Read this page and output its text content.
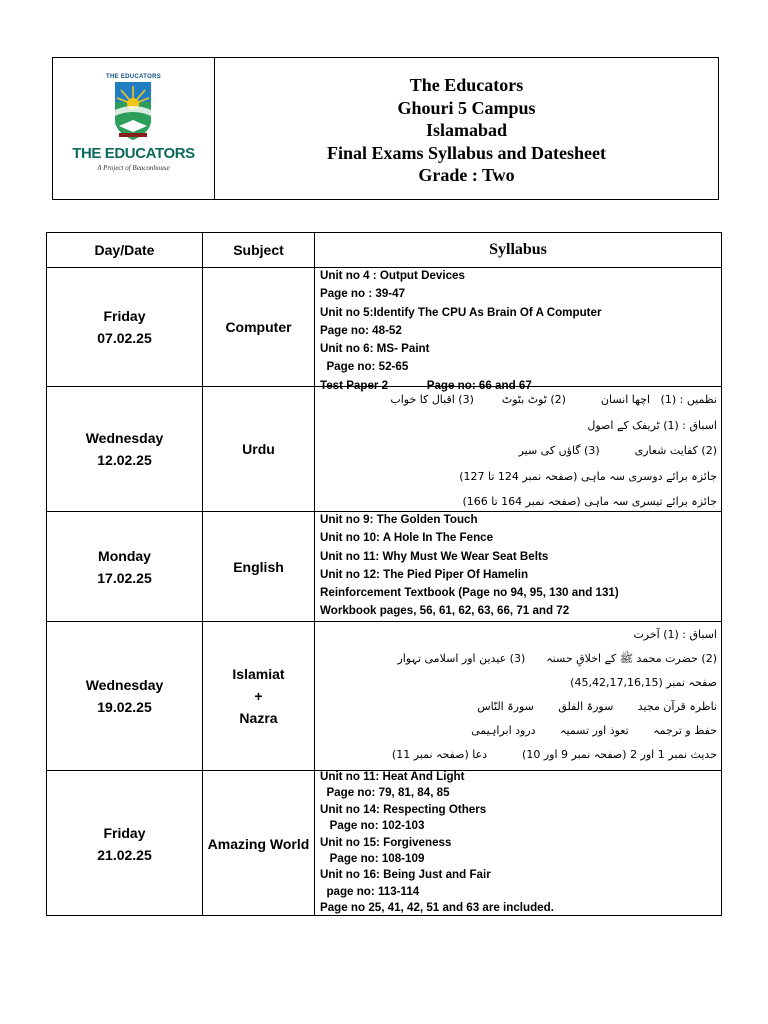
THE EDUCATORS
THE EDUCATORS
A Project of Beaconhouse
The Educators
Ghouri 5 Campus
Islamabad
Final Exams Syllabus and Datesheet
Grade : Two
Day/Date	Subject	Syllabus
Friday
07.02.25
Computer
Unit no 4 : Output Devices
Page no : 39-47
Unit no 5:Identify The CPU As Brain Of A Computer
Page no: 48-52
Unit no 6: MS- Paint
Page no: 52-65
Test Paper 2            Page no: 66 and 67
Wednesday
12.02.25
Urdu
نظمیں : (1)   اچھا انسان          (2) ٹوٹ بٹوٹ        (3) اقبال کا خواب
اسباق : (1) ٹریفک کے اصول
(2) کفایت شعاری          (3) گاؤں کی سیر
جائزہ برائے دوسری سہ ماہی (صفحہ نمبر 124 تا 127)
جائزہ برائے تیسری سہ ماہی (صفحہ نمبر 164 تا 166)
Monday
17.02.25
English
Unit no 9: The Golden Touch
Unit no 10: A Hole In The Fence
Unit no 11: Why Must We Wear Seat Belts
Unit no 12: The Pied Piper Of Hamelin
Reinforcement Textbook (Page no 94, 95, 130 and 131)
Workbook pages, 56, 61, 62, 63, 66, 71 and 72
Wednesday
19.02.25
Islamiat
+
Nazra
اسباق : (1) آخرت
(2) حضرت محمد ﷺ کے اخلاقِ حسنہ      (3) عیدین اور اسلامی تہوار
صفحہ نمبر (45,42,17,16,15)
ناظرہ قرآن مجید       سورۃ الفلق       سورۃ النّاس
حفظ و ترجمہ       تعوذ اور تسمیہ       درود ابراہیمی
حدیث نمبر 1 اور 2 (صفحہ نمبر 9 اور 10)          دعا (صفحہ نمبر 11)
Friday
21.02.25
Amazing World
Unit no 11: Heat And Light
Page no: 79, 81, 84, 85
Unit no 14: Respecting Others
Page no: 102-103
Unit no 15: Forgiveness
Page no: 108-109
Unit no 16: Being Just and Fair
page no: 113-114
Page no 25, 41, 42, 51 and 63 are included.
